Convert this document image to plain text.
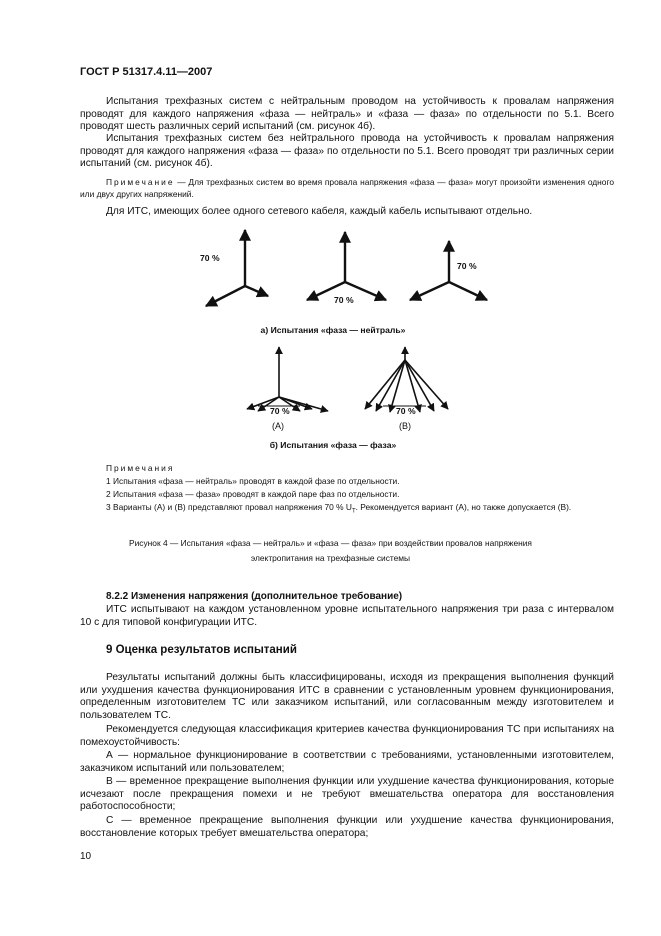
ГОСТ Р 51317.4.11—2007
Испытания трехфазных систем с нейтральным проводом на устойчивость к провалам напряжения проводят для каждого напряжения «фаза — нейтраль» и «фаза — фаза» по отдельности по 5.1. Всего проводят шесть различных серий испытаний (см. рисунок 4б).
Испытания трехфазных систем без нейтрального провода на устойчивость к провалам напряжения проводят для каждого напряжения «фаза — фаза» по отдельности по 5.1. Всего проводят три различных серии испытаний (см. рисунок 4б).
Примечание — Для трехфазных систем во время провала напряжения «фаза — фаза» могут произойти изменения одного или двух других напряжений.
Для ИТС, имеющих более одного сетевого кабеля, каждый кабель испытывают отдельно.
70 %
70 %
70 %
70 %	70 %
а) Испытания «фаза — нейтраль»
б) Испытания «фаза — фаза»
(А)	(В)
Примечания
1 Испытания «фаза — нейтраль» проводят в каждой фазе по отдельности.
2 Испытания «фаза — фаза» проводят в каждой паре фаз по отдельности.
3 Варианты (А) и (В) представляют провал напряжения 70 % $U_T$. Рекомендуется вариант (А), но также допускается (В).
Рисунок 4 — Испытания «фаза — нейтраль» и «фаза — фаза» при воздействии провалов напряжения
электропитания на трехфазные системы
8.2.2 Изменения напряжения (дополнительное требование)
ИТС испытывают на каждом установленном уровне испытательного напряжения три раза с интервалом 10 с для типовой конфигурации ИТС.
9 Оценка результатов испытаний
Результаты испытаний должны быть классифицированы, исходя из прекращения выполнения функций или ухудшения качества функционирования ИТС в сравнении с установленным уровнем функционирования, определенным изготовителем ТС или заказчиком испытаний, или согласованным между изготовителем и пользователем ТС.
Рекомендуется следующая классификация критериев качества функционирования ТС при испытаниях на помехоустойчивость:
А — нормальное функционирование в соответствии с требованиями, установленными изготовителем, заказчиком испытаний или пользователем;
В — временное прекращение выполнения функции или ухудшение качества функционирования, которые исчезают после прекращения помехи и не требуют вмешательства оператора для восстановления работоспособности;
С — временное прекращение выполнения функции или ухудшение качества функционирования, восстановление которых требует вмешательства оператора;
10
